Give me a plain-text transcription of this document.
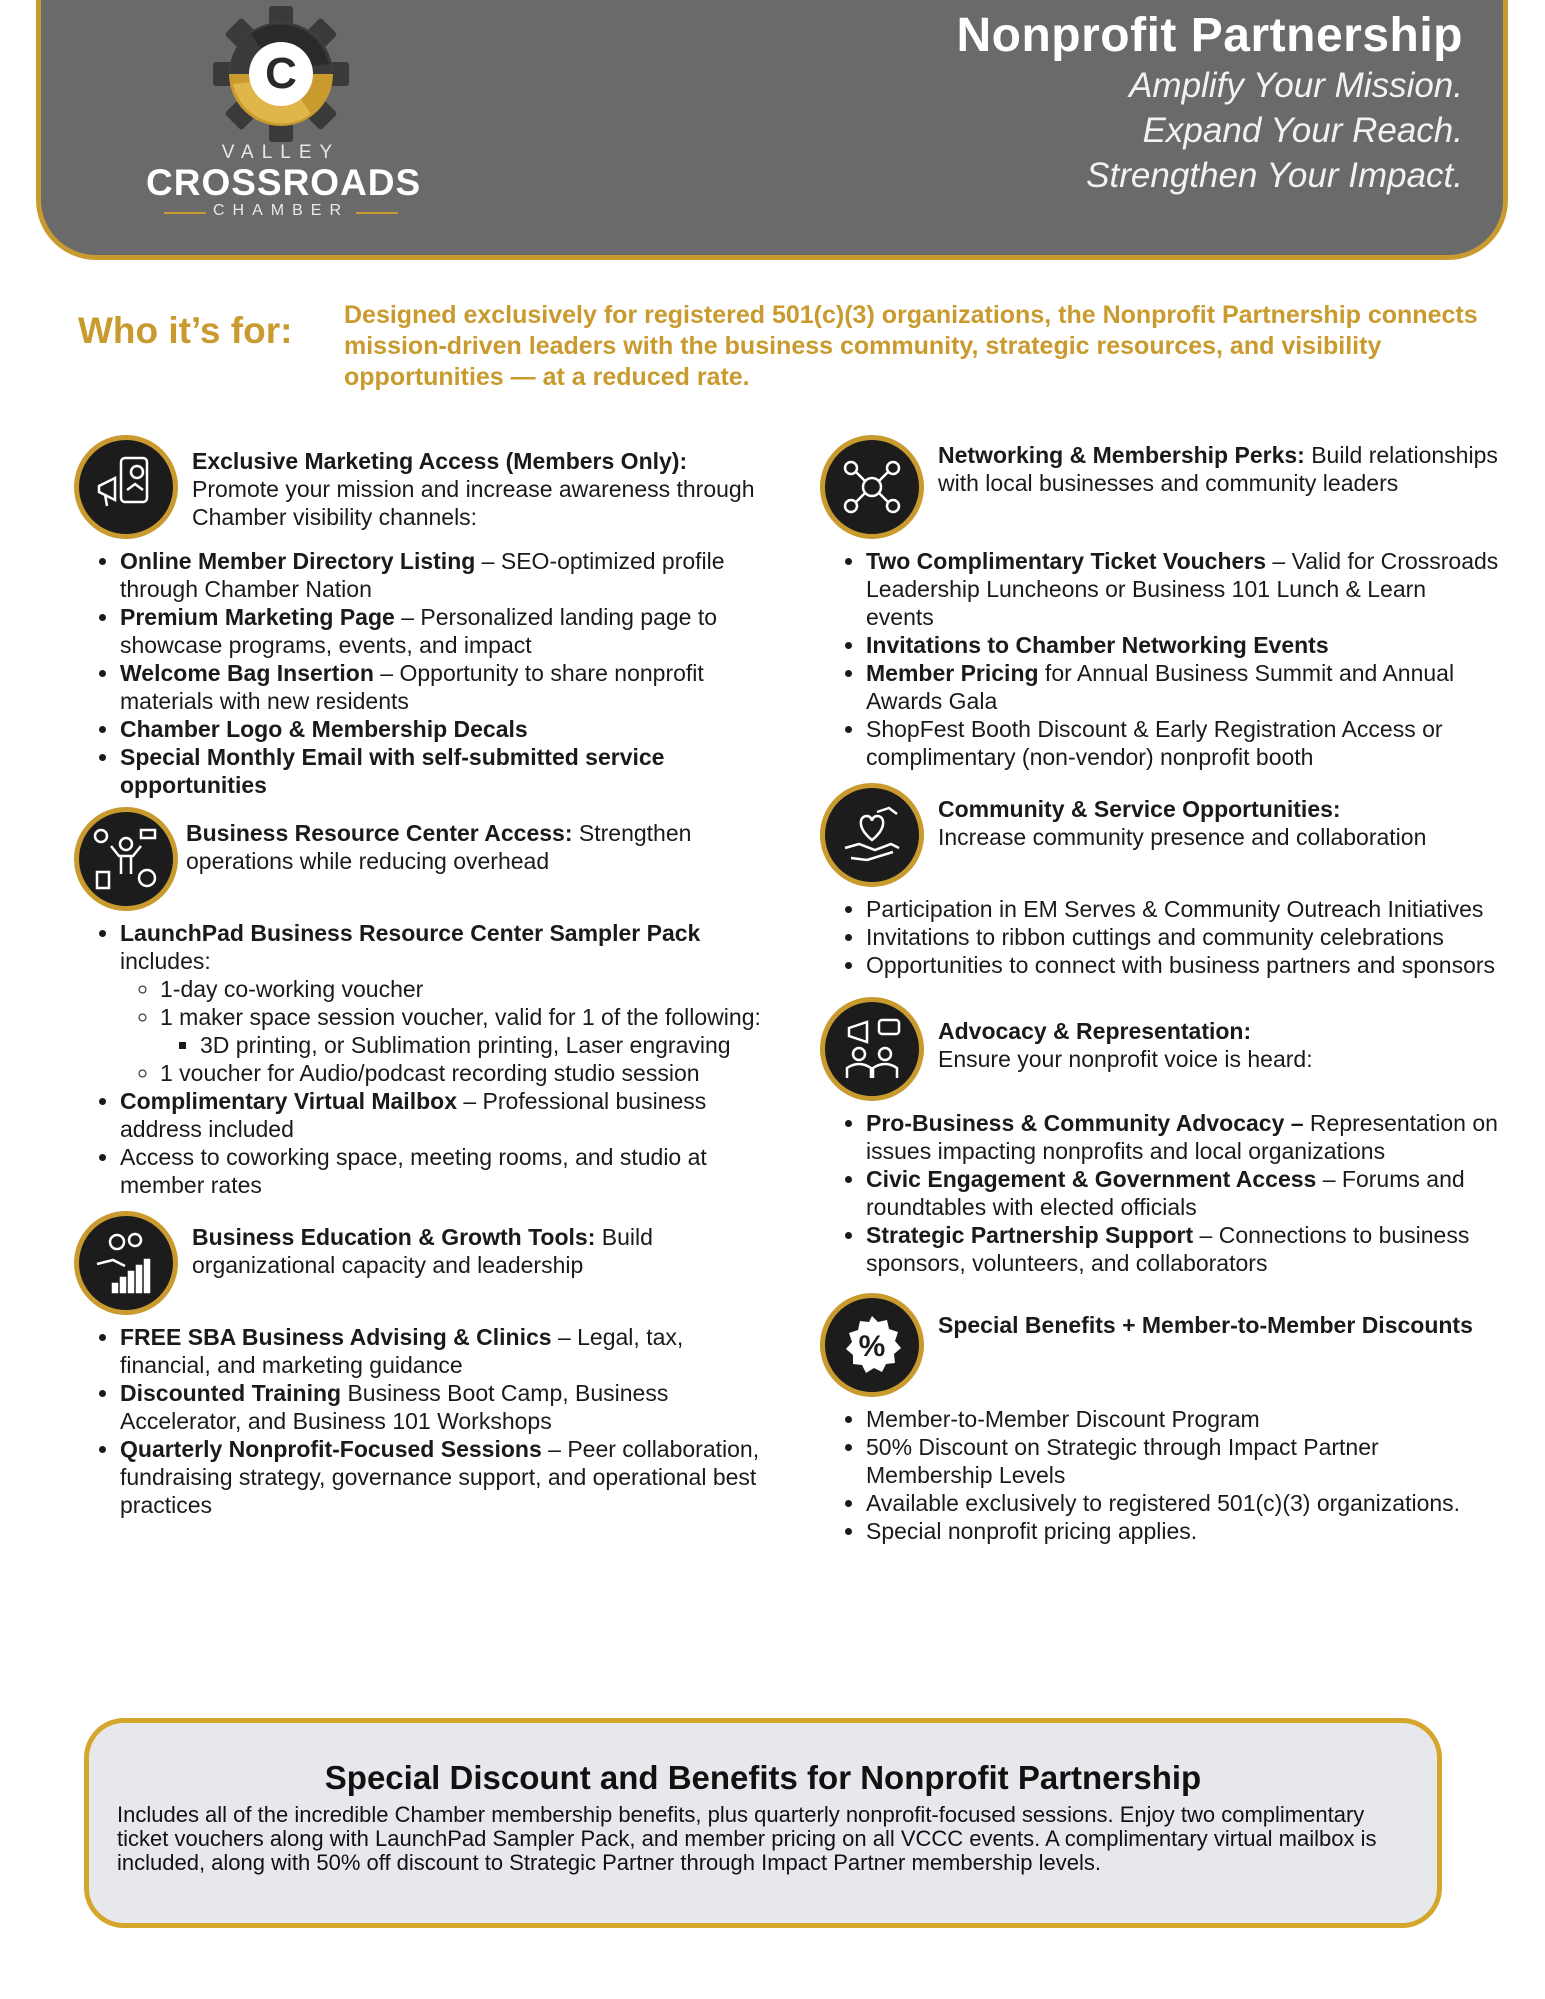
C
VALLEY
CROSSROADS
CHAMBER
Nonprofit Partnership
Amplify Your Mission.
Expand Your Reach.
Strengthen Your Impact.
Who it’s for: Designed exclusively for registered 501(c)(3) organizations, the Nonprofit Partnership connects mission-driven leaders with the business community, strategic resources, and visibility opportunities — at a reduced rate.
Exclusive Marketing Access (Members Only):
Promote your mission and increase awareness through Chamber visibility channels:
• Online Member Directory Listing – SEO-optimized profile through Chamber Nation
• Premium Marketing Page – Personalized landing page to showcase programs, events, and impact
• Welcome Bag Insertion – Opportunity to share nonprofit materials with new residents
• Chamber Logo & Membership Decals
• Special Monthly Email with self-submitted service opportunities
Business Resource Center Access: Strengthen operations while reducing overhead
• LaunchPad Business Resource Center Sampler Pack includes:
◦ 1-day co-working voucher
◦ 1 maker space session voucher, valid for 1 of the following:
▪ 3D printing, or Sublimation printing, Laser engraving
◦ 1 voucher for Audio/podcast recording studio session
• Complimentary Virtual Mailbox – Professional business address included
• Access to coworking space, meeting rooms, and studio at member rates
Business Education & Growth Tools: Build organizational capacity and leadership
• FREE SBA Business Advising & Clinics – Legal, tax, financial, and marketing guidance
• Discounted Training Business Boot Camp, Business Accelerator, and Business 101 Workshops
• Quarterly Nonprofit-Focused Sessions – Peer collaboration, fundraising strategy, governance support, and operational best practices
Networking & Membership Perks: Build relationships with local businesses and community leaders
• Two Complimentary Ticket Vouchers – Valid for Crossroads Leadership Luncheons or Business 101 Lunch & Learn events
• Invitations to Chamber Networking Events
• Member Pricing for Annual Business Summit and Annual Awards Gala
• ShopFest Booth Discount & Early Registration Access or complimentary (non-vendor) nonprofit booth
Community & Service Opportunities:
Increase community presence and collaboration
• Participation in EM Serves & Community Outreach Initiatives
• Invitations to ribbon cuttings and community celebrations
• Opportunities to connect with business partners and sponsors
Advocacy & Representation:
Ensure your nonprofit voice is heard:
• Pro-Business & Community Advocacy – Representation on issues impacting nonprofits and local organizations
• Civic Engagement & Government Access – Forums and roundtables with elected officials
• Strategic Partnership Support – Connections to business sponsors, volunteers, and collaborators
%
Special Benefits + Member-to-Member Discounts
• Member-to-Member Discount Program
• 50% Discount on Strategic through Impact Partner Membership Levels
• Available exclusively to registered 501(c)(3) organizations.
• Special nonprofit pricing applies.
Special Discount and Benefits for Nonprofit Partnership

Includes all of the incredible Chamber membership benefits, plus quarterly nonprofit-focused sessions. Enjoy two complimentary ticket vouchers along with LaunchPad Sampler Pack, and member pricing on all VCCC events. A complimentary virtual mailbox is included, along with 50% off discount to Strategic Partner through Impact Partner membership levels.
